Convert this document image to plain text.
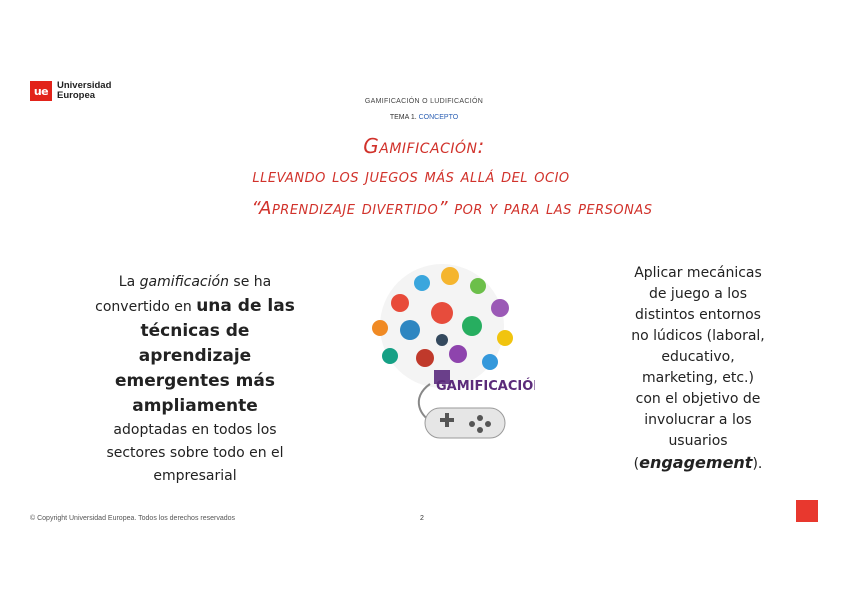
ue Universidad
Europea
GAMIFICACIÓN O LUDIFICACIÓN
TEMA 1. CONCEPTO
Gamificación:
llevando los juegos más allá del ocio
“Aprendizaje divertido” por y para las personas
La gamificación se ha
convertido en una de las
técnicas de
aprendizaje
emergentes más
ampliamente
adoptadas en todos los
sectores sobre todo en el
empresarial
GAMIFICACIÓN
Aplicar mecánicas
de juego a los
distintos entornos
no lúdicos (laboral,
educativo,
marketing, etc.)
con el objetivo de
involucrar a los
usuarios
(engagement).
© Copyright Universidad Europea. Todos los derechos reservados	2
